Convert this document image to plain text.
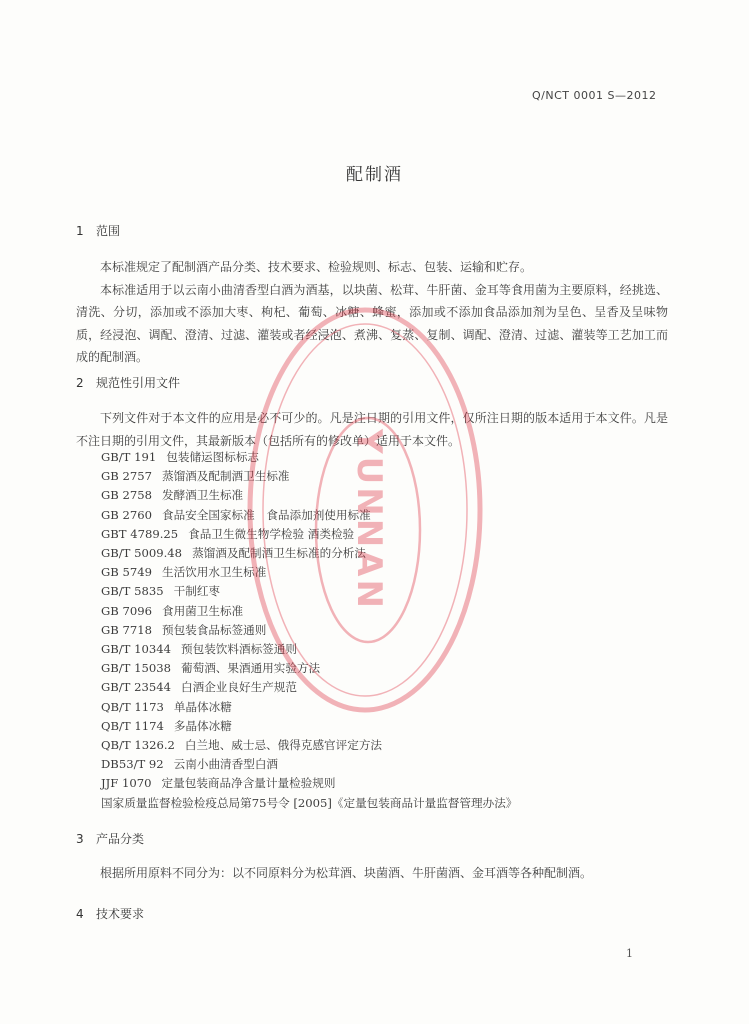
Q/NCT 0001 S—2012
配制酒
1 范围

本标准规定了配制酒产品分类、技术要求、检验规则、标志、包装、运输和贮存。

本标准适用于以云南小曲清香型白酒为酒基，以块菌、松茸、牛肝菌、金耳等食用菌为主要原料，经挑选、清洗、分切，添加或不添加大枣、枸杞、葡萄、冰糖、蜂蜜，添加或不添加食品添加剂为呈色、呈香及呈味物质，经浸泡、调配、澄清、过滤、灌装或者经浸泡、煮沸、复蒸、复制、调配、澄清、过滤、灌装等工艺加工而成的配制酒。

2 规范性引用文件

下列文件对于本文件的应用是必不可少的。凡是注日期的引用文件，仅所注日期的版本适用于本文件。凡是不注日期的引用文件，其最新版本（包括所有的修改单）适用于本文件。

GB/T 191 包装储运图标标志
GB 2757 蒸馏酒及配制酒卫生标准
GB 2758 发酵酒卫生标准
GB 2760 食品安全国家标准　食品添加剂使用标准
GBT 4789.25 食品卫生微生物学检验 酒类检验
GB/T 5009.48 蒸馏酒及配制酒卫生标准的分析法
GB 5749 生活饮用水卫生标准
GB/T 5835 干制红枣
GB 7096 食用菌卫生标准
GB 7718 预包装食品标签通则
GB/T 10344 预包装饮料酒标签通则
GB/T 15038 葡萄酒、果酒通用实验方法
GB/T 23544 白酒企业良好生产规范
QB/T 1173 单晶体冰糖
QB/T 1174 多晶体冰糖
QB/T 1326.2 白兰地、威士忌、俄得克感官评定方法
DB53/T 92 云南小曲清香型白酒
JJF 1070 定量包装商品净含量计量检验规则
国家质量监督检验检疫总局第75号令 [2005]《定量包装商品计量监督管理办法》
3 产品分类

根据所用原料不同分为：以不同原料分为松茸酒、块菌酒、牛肝菌酒、金耳酒等各种配制酒。

4 技术要求
1
YUNNAN
